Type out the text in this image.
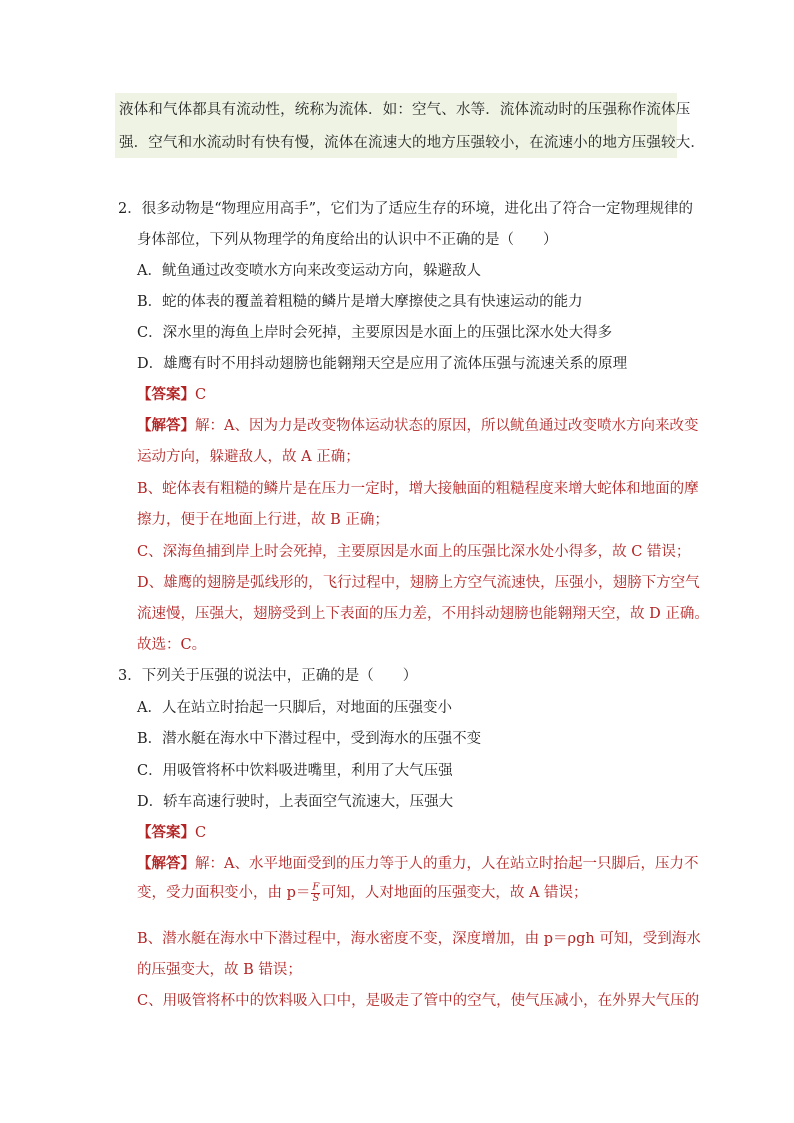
液体和气体都具有流动性，统称为流体．如：空气、水等．流体流动时的压强称作流体压
强．空气和水流动时有快有慢，流体在流速大的地方压强较小，在流速小的地方压强较大．
2．很多动物是“物理应用高手”，它们为了适应生存的环境，进化出了符合一定物理规律的
身体部位，下列从物理学的角度给出的认识中不正确的是（　　）
A．鱿鱼通过改变喷水方向来改变运动方向，躲避敌人
B．蛇的体表的覆盖着粗糙的鳞片是增大摩擦使之具有快速运动的能力
C．深水里的海鱼上岸时会死掉，主要原因是水面上的压强比深水处大得多
D．雄鹰有时不用抖动翅膀也能翱翔天空是应用了流体压强与流速关系的原理
【答案】C
【解答】解：A、因为力是改变物体运动状态的原因，所以鱿鱼通过改变喷水方向来改变
运动方向，躲避敌人，故 A 正确；
B、蛇体表有粗糙的鳞片是在压力一定时，增大接触面的粗糙程度来增大蛇体和地面的摩
擦力，便于在地面上行进，故 B 正确；
C、深海鱼捕到岸上时会死掉，主要原因是水面上的压强比深水处小得多，故 C 错误；
D、雄鹰的翅膀是弧线形的，飞行过程中，翅膀上方空气流速快，压强小，翅膀下方空气
流速慢，压强大，翅膀受到上下表面的压力差，不用抖动翅膀也能翱翔天空，故 D 正确。
故选：C。
3．下列关于压强的说法中，正确的是（　　）
A．人在站立时抬起一只脚后，对地面的压强变小
B．潜水艇在海水中下潜过程中，受到海水的压强不变
C．用吸管将杯中饮料吸进嘴里，利用了大气压强
D．轿车高速行驶时，上表面空气流速大，压强大
【答案】C
【解答】解：A、水平地面受到的压力等于人的重力，人在站立时抬起一只脚后，压力不
变，受力面积变小，由 $p= \frac{F}{S}$ 可知，人对地面的压强变大，故 A 错误；
B、潜水艇在海水中下潜过程中，海水密度不变，深度增加，由 p＝ρgh 可知，受到海水
的压强变大，故 B 错误；
C、用吸管将杯中的饮料吸入口中，是吸走了管中的空气，使气压减小，在外界大气压的
